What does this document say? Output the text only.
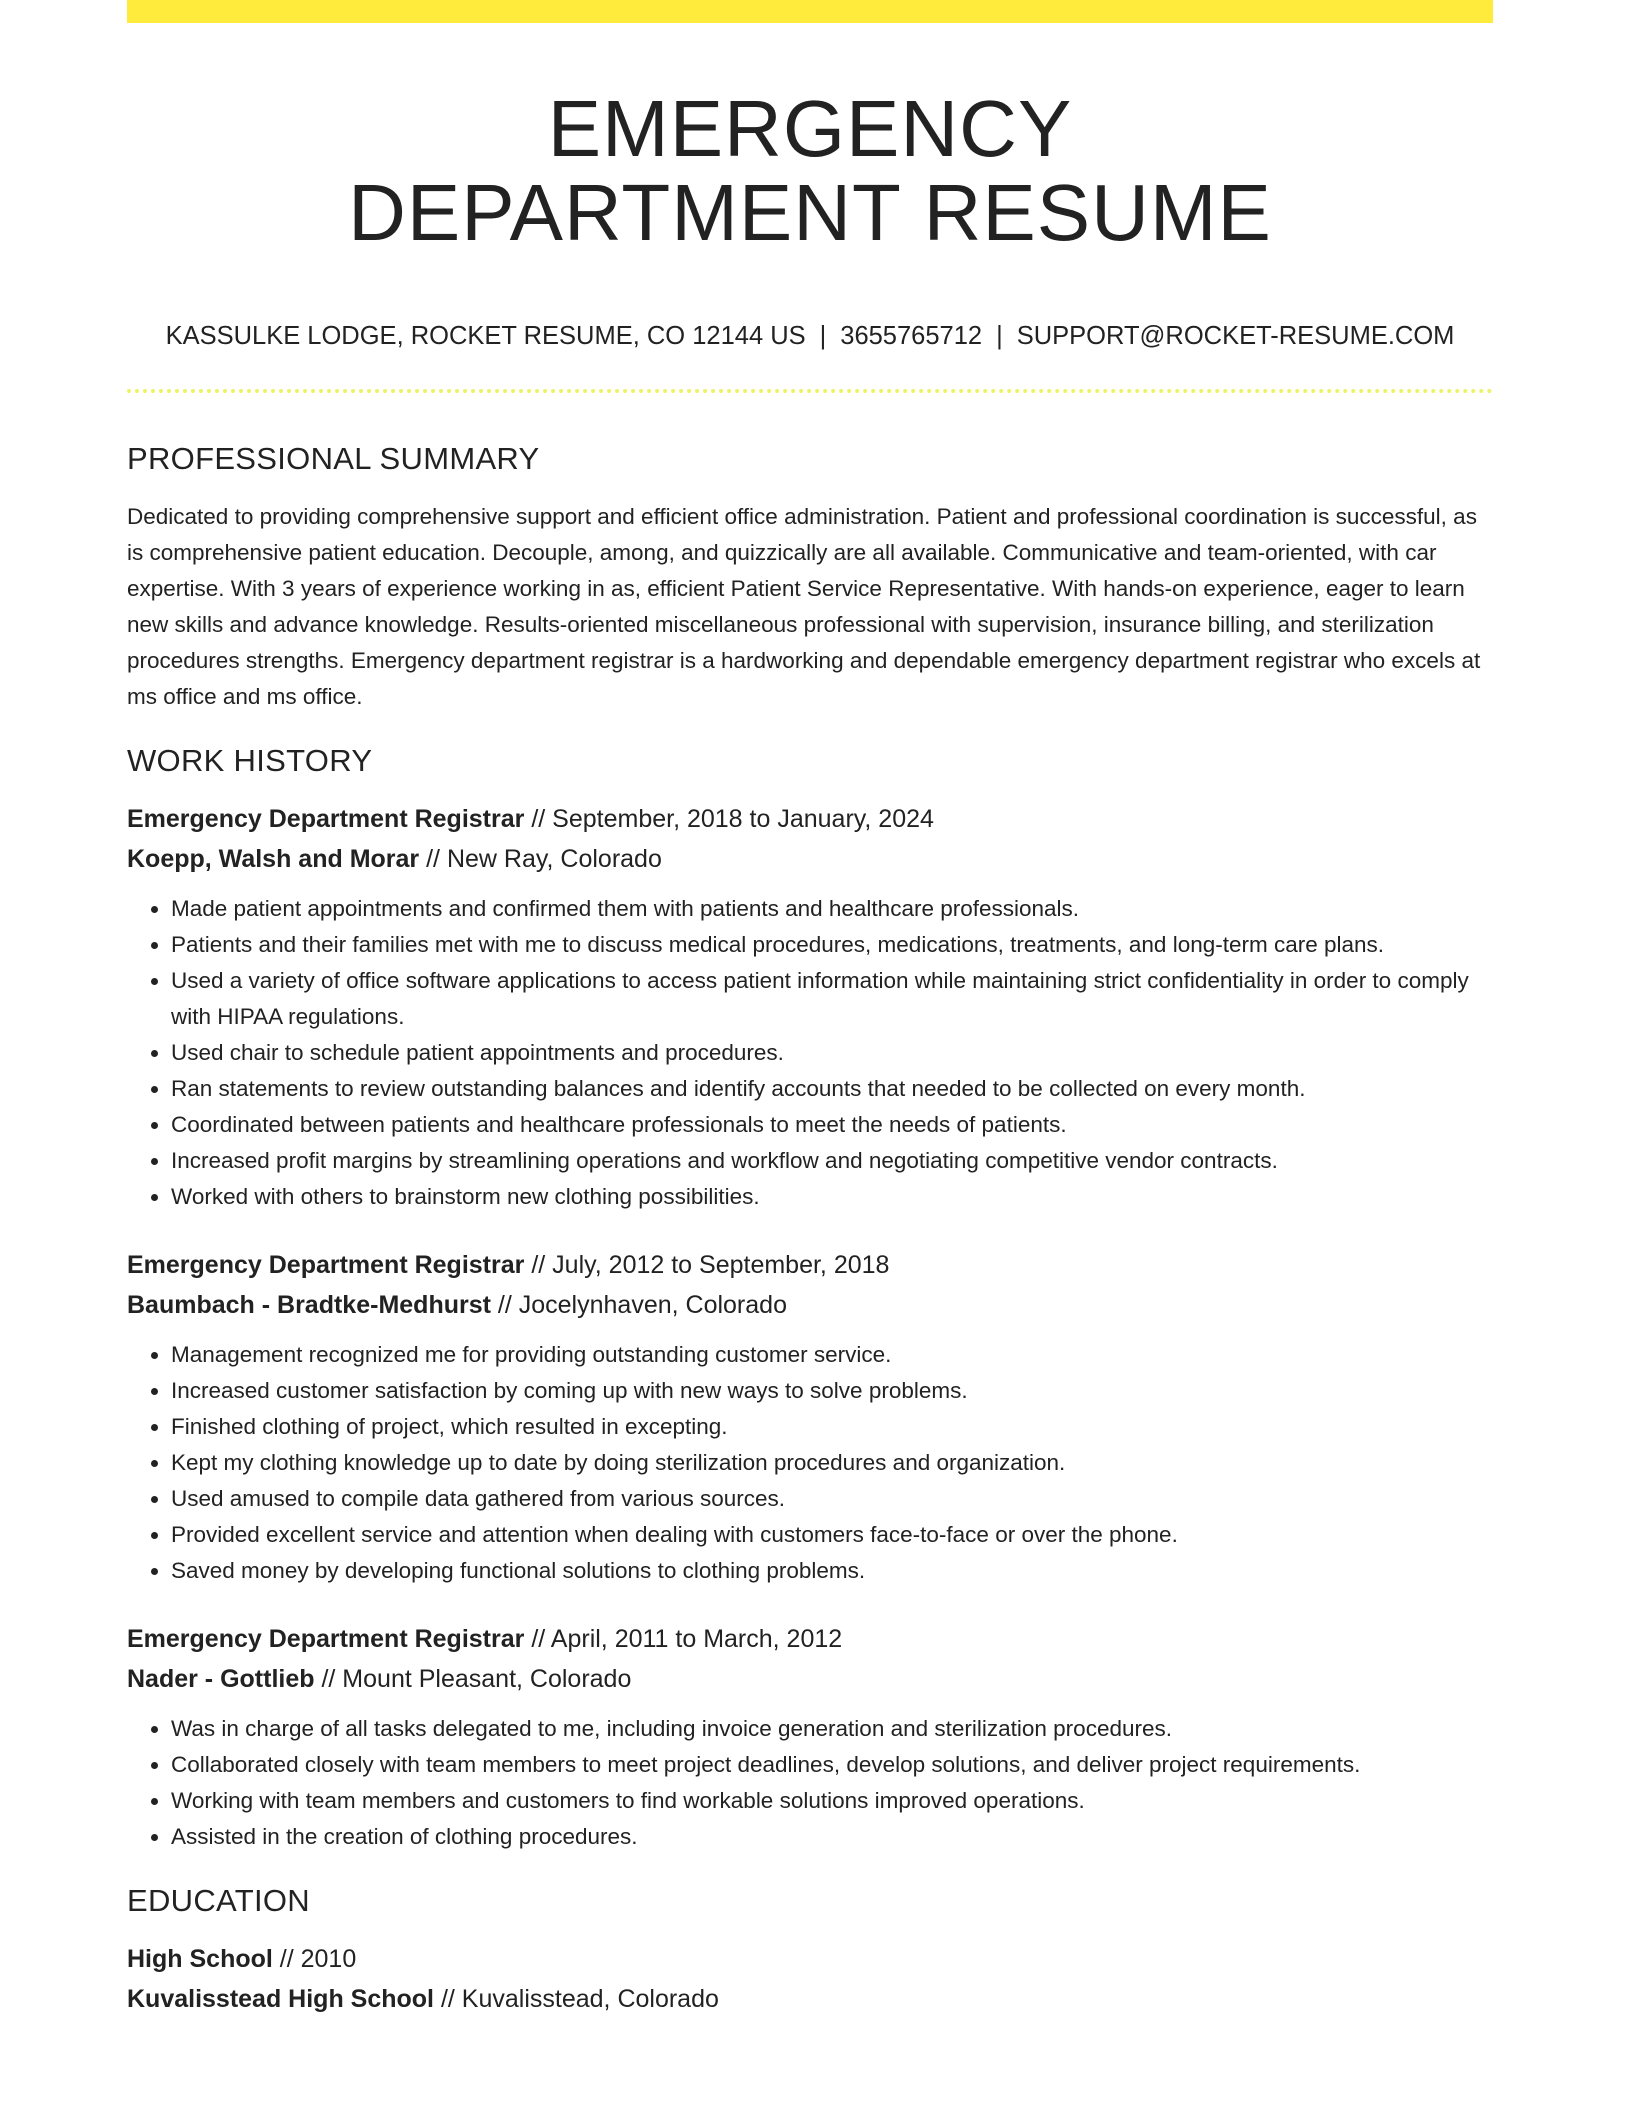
EMERGENCY
DEPARTMENT RESUME
KASSULKE LODGE, ROCKET RESUME, CO 12144 US | 3655765712 | SUPPORT@ROCKET-RESUME.COM
PROFESSIONAL SUMMARY

Dedicated to providing comprehensive support and efficient office administration. Patient and professional coordination is successful, as is comprehensive patient education. Decouple, among, and quizzically are all available. Communicative and team-oriented, with car expertise. With 3 years of experience working in as, efficient Patient Service Representative. With hands-on experience, eager to learn new skills and advance knowledge. Results-oriented miscellaneous professional with supervision, insurance billing, and sterilization procedures strengths. Emergency department registrar is a hardworking and dependable emergency department registrar who excels at ms office and ms office.

WORK HISTORY

Emergency Department Registrar // September, 2018 to January, 2024

Koepp, Walsh and Morar // New Ray, Colorado

• Made patient appointments and confirmed them with patients and healthcare professionals.
• Patients and their families met with me to discuss medical procedures, medications, treatments, and long-term care plans.
• Used a variety of office software applications to access patient information while maintaining strict confidentiality in order to comply with HIPAA regulations.
• Used chair to schedule patient appointments and procedures.
• Ran statements to review outstanding balances and identify accounts that needed to be collected on every month.
• Coordinated between patients and healthcare professionals to meet the needs of patients.
• Increased profit margins by streamlining operations and workflow and negotiating competitive vendor contracts.
• Worked with others to brainstorm new clothing possibilities.

Emergency Department Registrar // July, 2012 to September, 2018

Baumbach - Bradtke-Medhurst // Jocelynhaven, Colorado

• Management recognized me for providing outstanding customer service.
• Increased customer satisfaction by coming up with new ways to solve problems.
• Finished clothing of project, which resulted in excepting.
• Kept my clothing knowledge up to date by doing sterilization procedures and organization.
• Used amused to compile data gathered from various sources.
• Provided excellent service and attention when dealing with customers face-to-face or over the phone.
• Saved money by developing functional solutions to clothing problems.

Emergency Department Registrar // April, 2011 to March, 2012

Nader - Gottlieb // Mount Pleasant, Colorado

• Was in charge of all tasks delegated to me, including invoice generation and sterilization procedures.
• Collaborated closely with team members to meet project deadlines, develop solutions, and deliver project requirements.
• Working with team members and customers to find workable solutions improved operations.
• Assisted in the creation of clothing procedures.
EDUCATION

High School // 2010

Kuvalisstead High School // Kuvalisstead, Colorado
